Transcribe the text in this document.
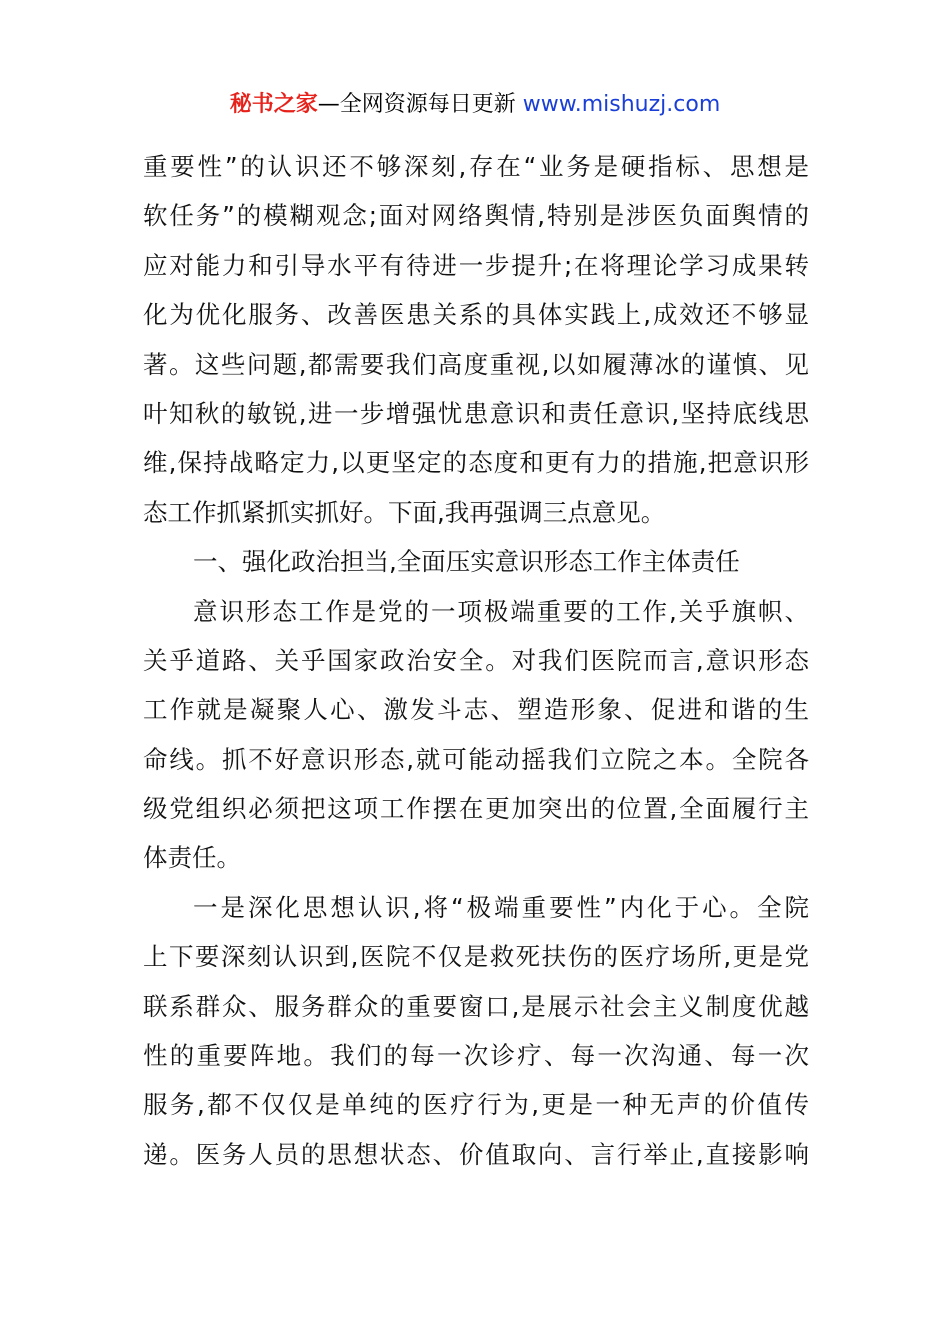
秘书之家—全网资源每日更新 www.mishuzj.com
重要性”的认识还不够深刻,存在“业务是硬指标、思想是
软任务”的模糊观念;面对网络舆情,特别是涉医负面舆情的
应对能力和引导水平有待进一步提升;在将理论学习成果转
化为优化服务、改善医患关系的具体实践上,成效还不够显
著。这些问题,都需要我们高度重视,以如履薄冰的谨慎、见
叶知秋的敏锐,进一步增强忧患意识和责任意识,坚持底线思
维,保持战略定力,以更坚定的态度和更有力的措施,把意识形
态工作抓紧抓实抓好。下面,我再强调三点意见。
一、强化政治担当,全面压实意识形态工作主体责任
意识形态工作是党的一项极端重要的工作,关乎旗帜、
关乎道路、关乎国家政治安全。对我们医院而言,意识形态
工作就是凝聚人心、激发斗志、塑造形象、促进和谐的生
命线。抓不好意识形态,就可能动摇我们立院之本。全院各
级党组织必须把这项工作摆在更加突出的位置,全面履行主
体责任。
一是深化思想认识,将“极端重要性”内化于心。全院
上下要深刻认识到,医院不仅是救死扶伤的医疗场所,更是党
联系群众、服务群众的重要窗口,是展示社会主义制度优越
性的重要阵地。我们的每一次诊疗、每一次沟通、每一次
服务,都不仅仅是单纯的医疗行为,更是一种无声的价值传
递。医务人员的思想状态、价值取向、言行举止,直接影响
